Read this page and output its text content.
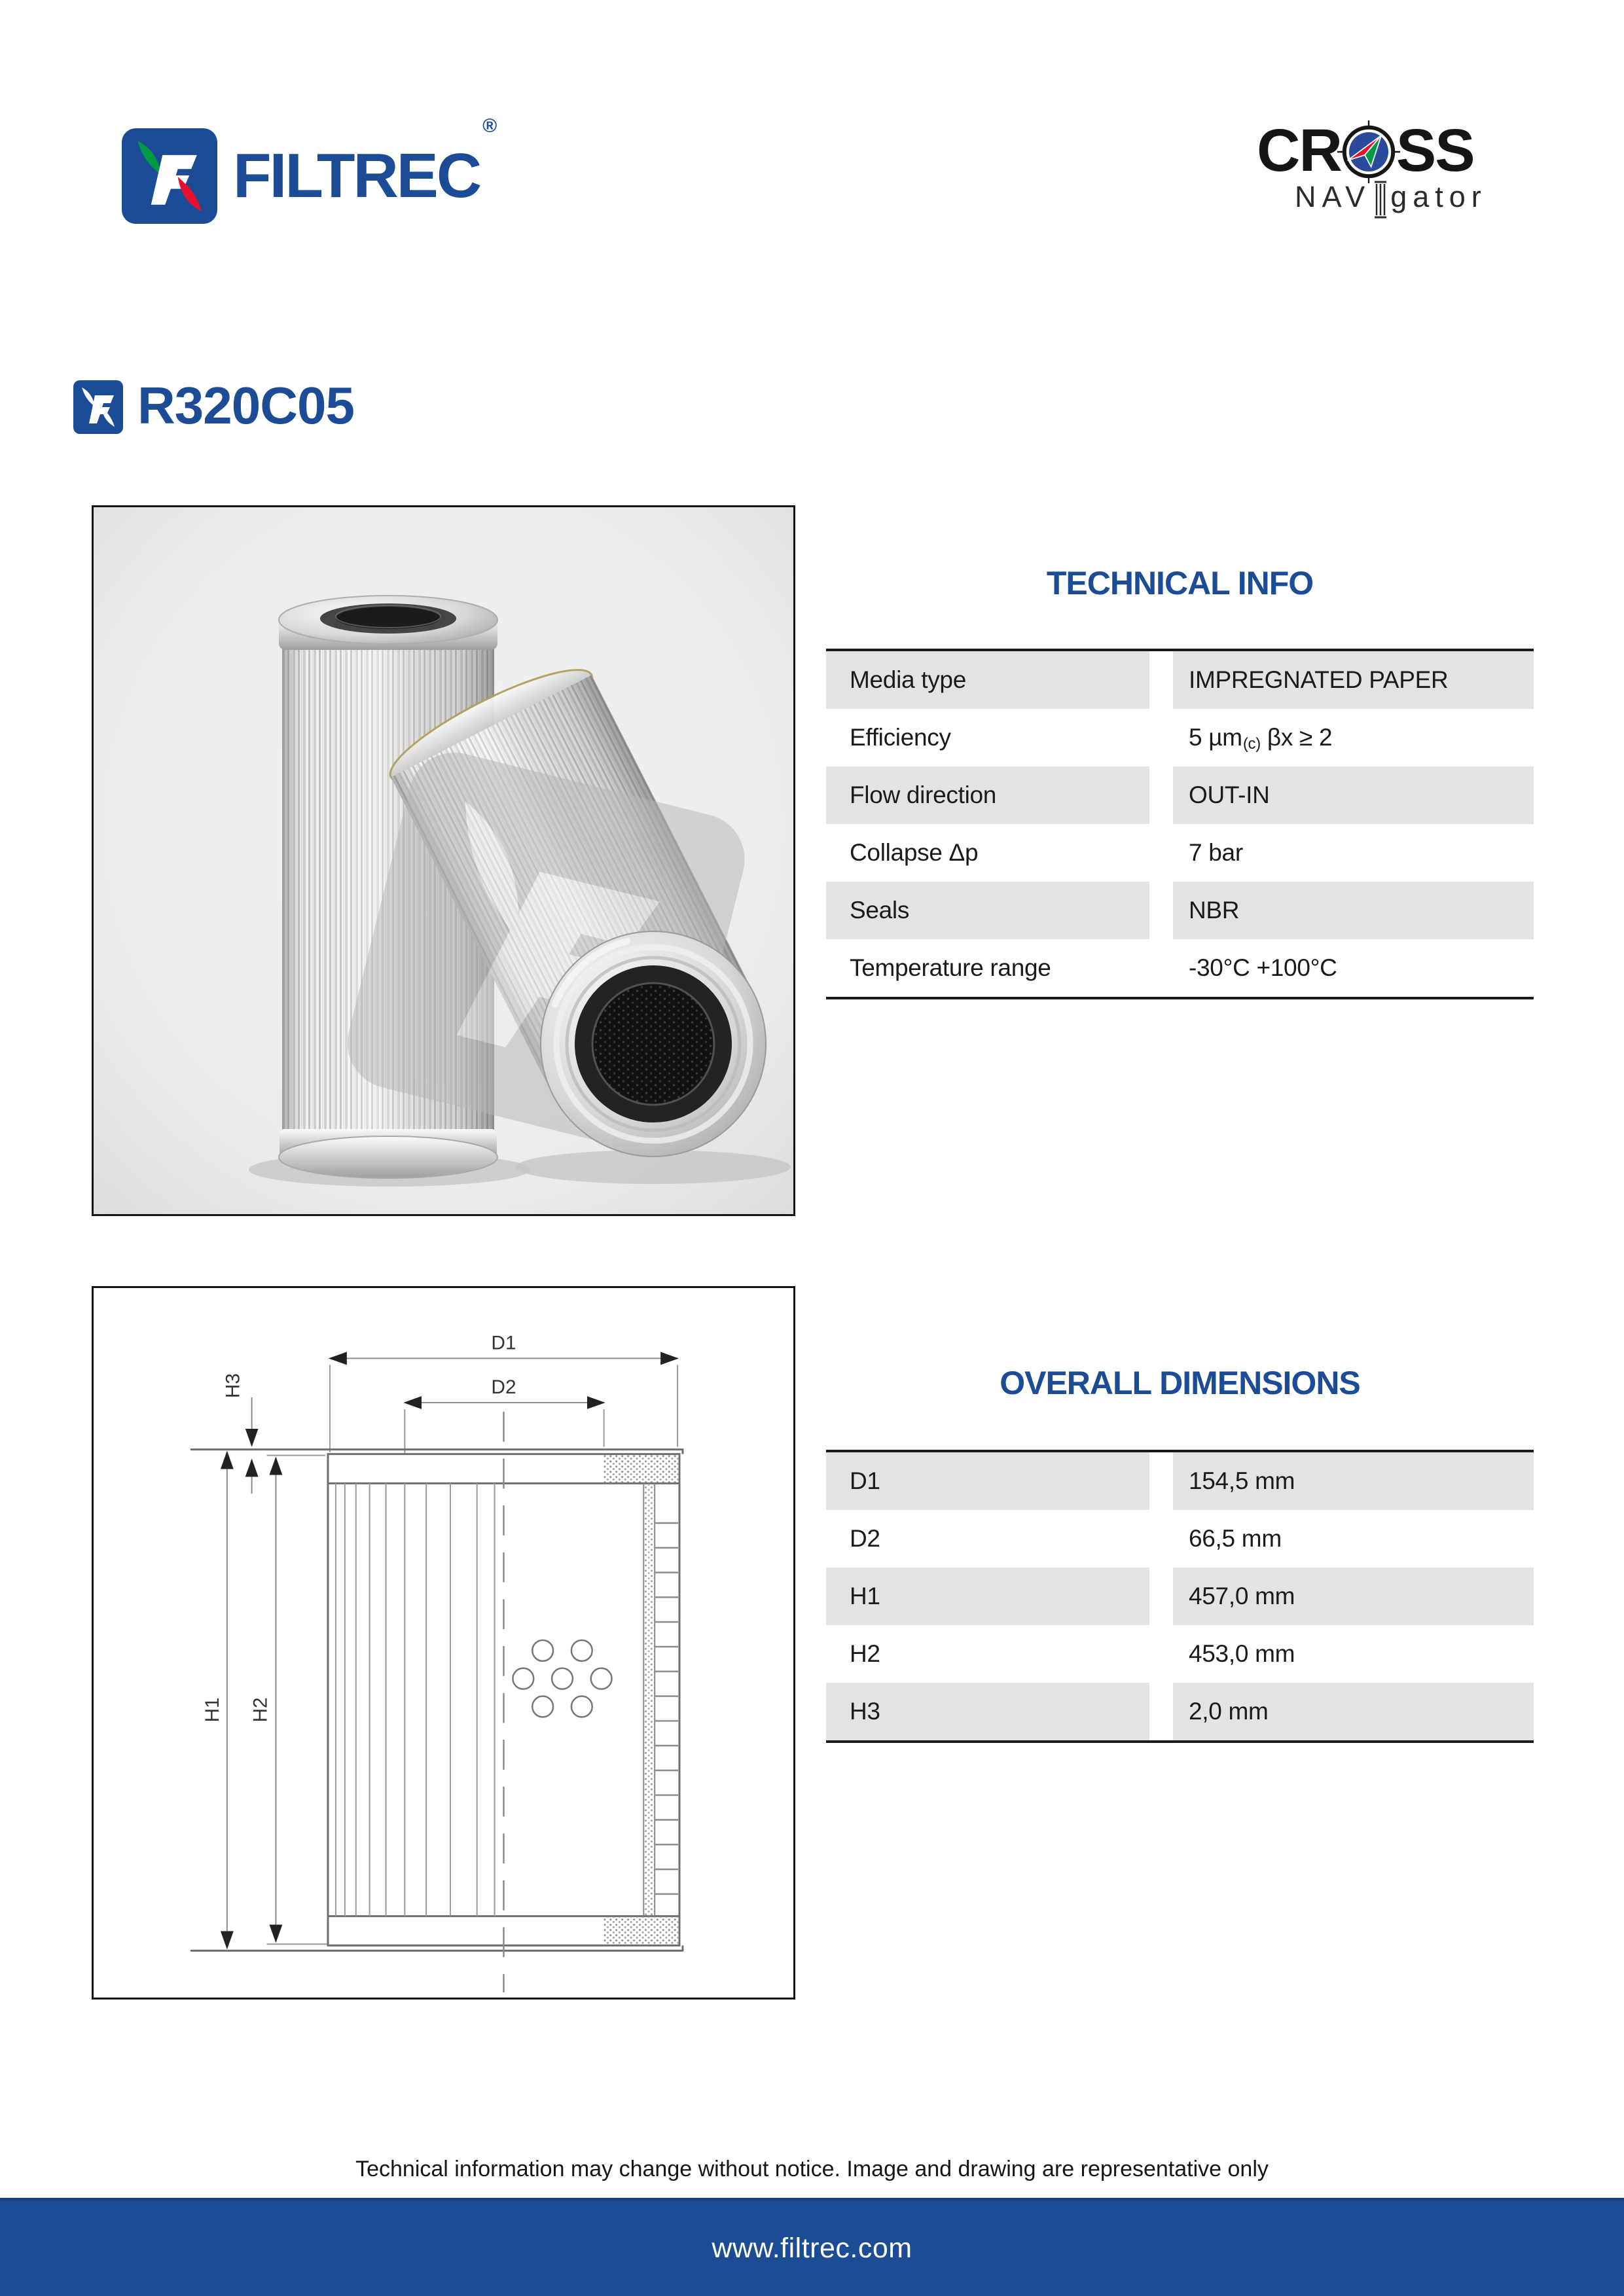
FILTREC®	CR SS
NAV gator
R320C05
TECHNICAL INFO
Media type	IMPREGNATED PAPER
Efficiency	5 µm$_{(c)}$ βx ≥ 2
Flow direction	OUT-IN
Collapse Δp	7 bar
Seals	NBR
Temperature range	-30°C +100°C
D1
D2
H3
H1 H2
OVERALL DIMENSIONS
D1	154,5 mm
D2	66,5 mm
H1	457,0 mm
H2	453,0 mm
H3	2,0 mm
Technical information may change without notice. Image and drawing are representative only
www.filtrec.com
